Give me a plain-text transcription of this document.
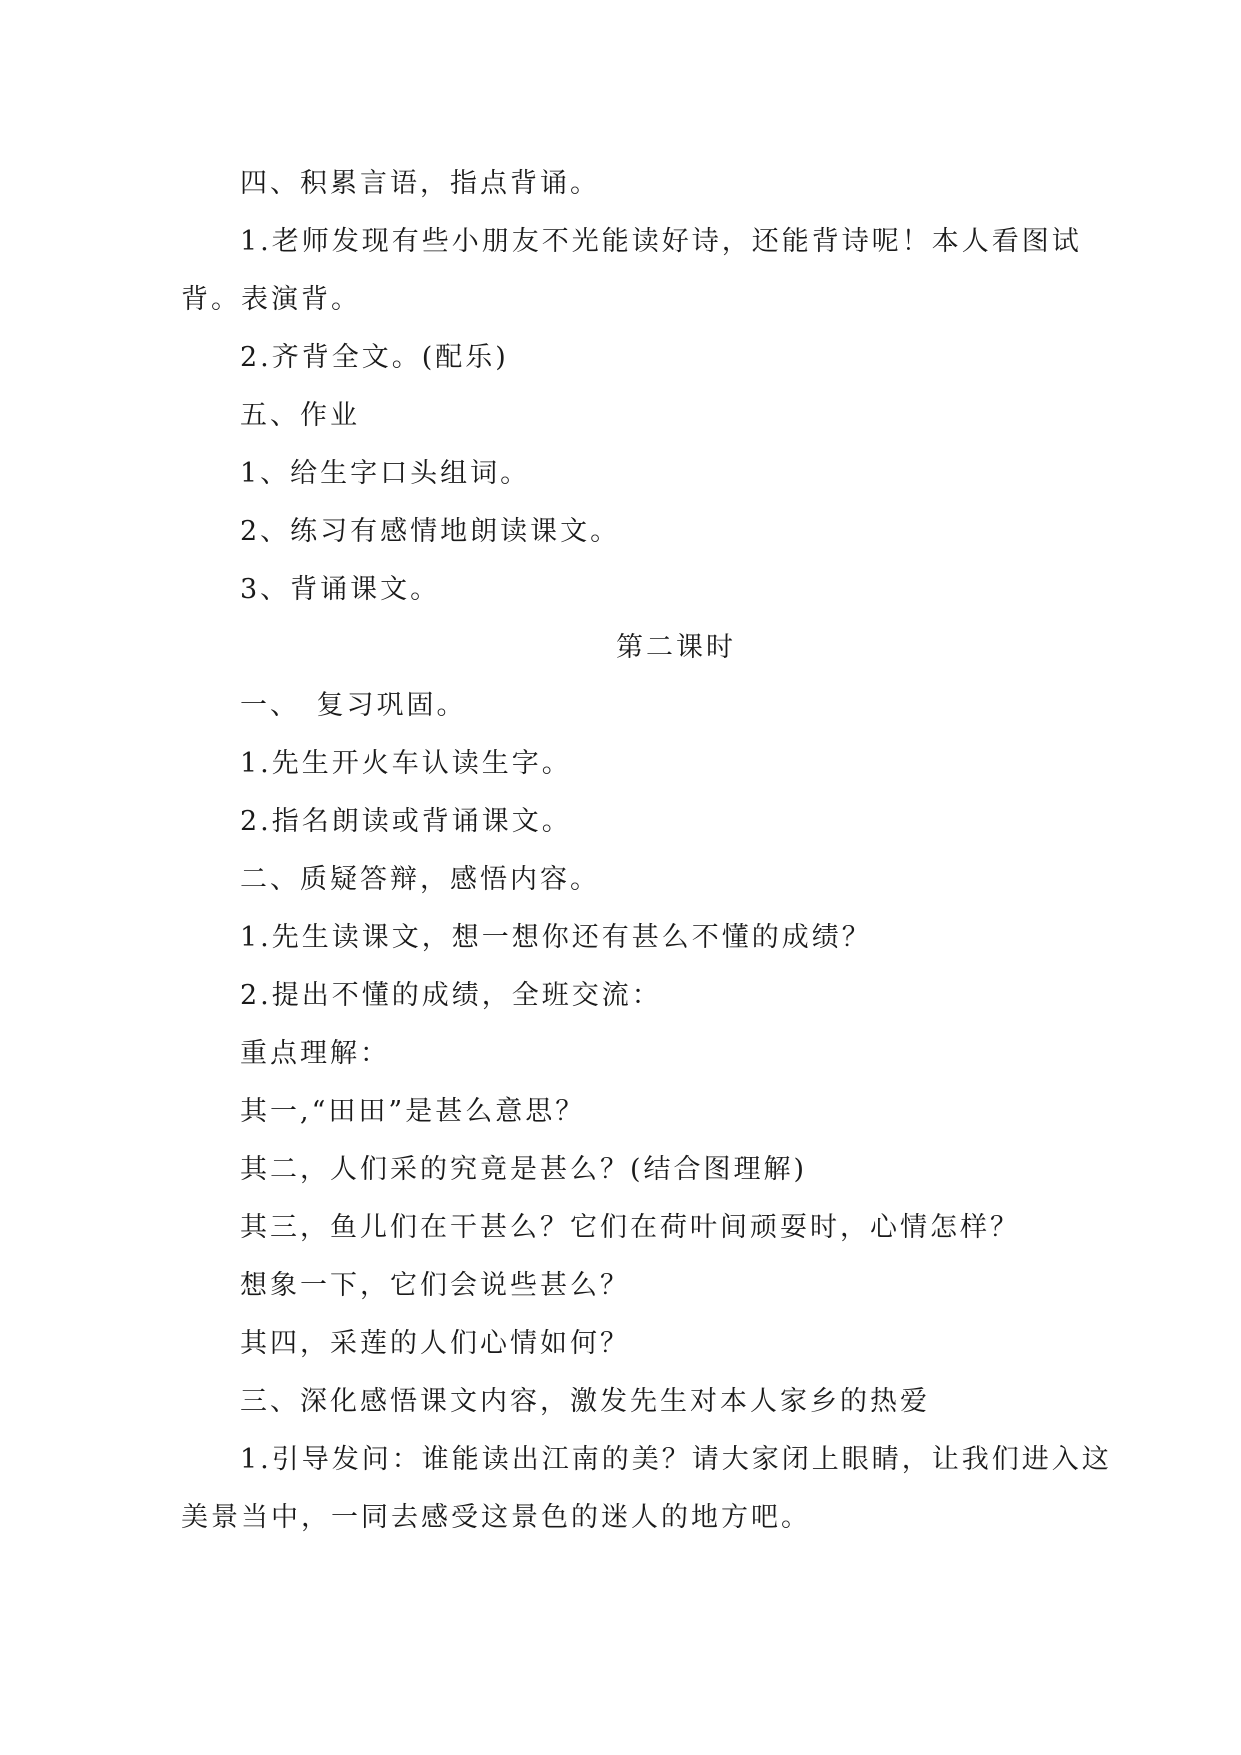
四、积累言语，指点背诵。
1.老师发现有些小朋友不光能读好诗，还能背诗呢！本人看图试
背。表演背。
2.齐背全文。(配乐)
五、作业
1、给生字口头组词。
2、练习有感情地朗读课文。
3、背诵课文。
第二课时
一、　复习巩固。
1.先生开火车认读生字。
2.指名朗读或背诵课文。
二、质疑答辩，感悟内容。
1.先生读课文，想一想你还有甚么不懂的成绩？
2.提出不懂的成绩，全班交流：
重点理解：
其一,“田田”是甚么意思？
其二，人们采的究竟是甚么？(结合图理解)
其三，鱼儿们在干甚么？它们在荷叶间顽耍时，心情怎样？
想象一下，它们会说些甚么？
其四，采莲的人们心情如何？
三、深化感悟课文内容，激发先生对本人家乡的热爱
1.引导发问：谁能读出江南的美？请大家闭上眼睛，让我们进入这
美景当中，一同去感受这景色的迷人的地方吧。
